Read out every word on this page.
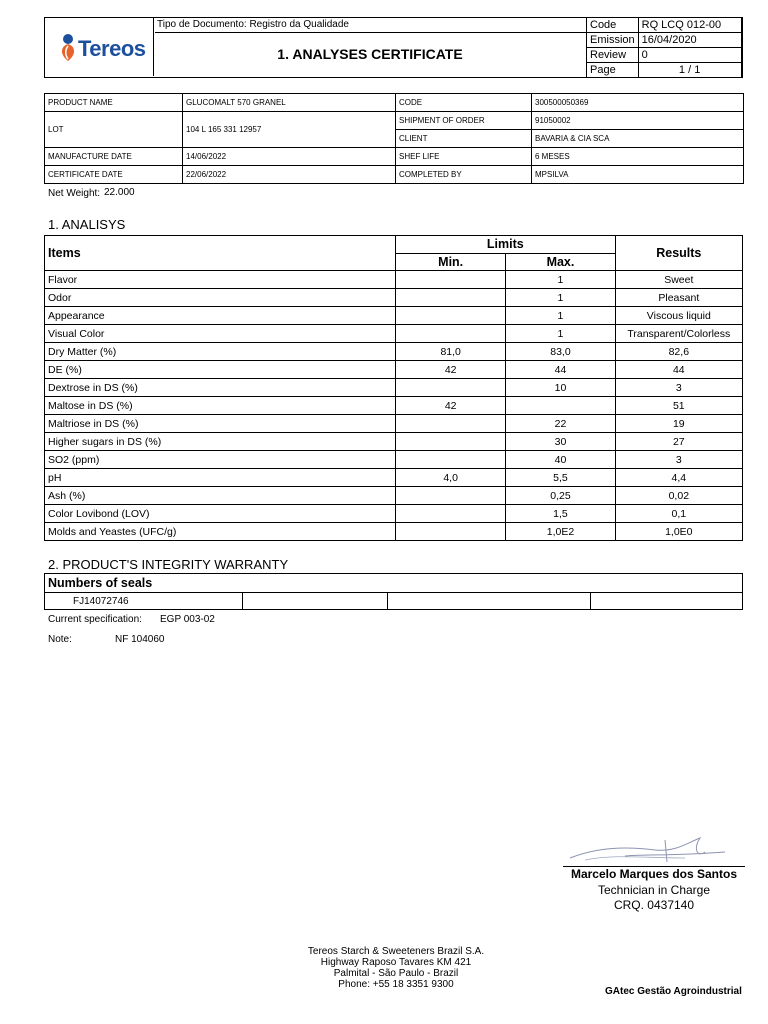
Tereos
Tipo de Documento: Registro da Qualidade
1. ANALYSES CERTIFICATE
Code	RQ LCQ 012-00
Emission	16/04/2020
Review	0
Page	1 / 1
PRODUCT NAME	GLUCOMALT 570 GRANEL	CODE	300500050369
LOT	104 L 165 331 12957	SHIPMENT OF ORDER	91050002
		CLIENT	BAVARIA & CIA SCA
MANUFACTURE DATE	14/06/2022	SHEF LIFE	6 MESES
CERTIFICATE DATE	22/06/2022	COMPLETED BY	MPSILVA
Net Weight: 22.000
1. ANALISYS
Items	Limits		Results
	Min.	Max.	
Flavor		1	Sweet
Odor		1	Pleasant
Appearance		1	Viscous liquid
Visual Color		1	Transparent/Colorless
Dry Matter (%)	81,0	83,0	82,6
DE (%)	42	44	44
Dextrose in DS (%)		10	3
Maltose in DS (%)	42		51
Maltriose in DS (%)		22	19
Higher sugars in DS (%)		30	27
SO2 (ppm)		40	3
pH	4,0	5,5	4,4
Ash (%)		0,25	0,02
Color Lovibond (LOV)		1,5	0,1
Molds and Yeastes (UFC/g)		1,0E2	1,0E0
2. PRODUCT'S INTEGRITY WARRANTY
Numbers of seals
FJ14072746			
Current specification: EGP 003-02
Note:	NF 104060
Marcelo Marques dos Santos
Technician in Charge
CRQ. 0437140
Tereos Starch & Sweeteners Brazil S.A.
Highway Raposo Tavares KM 421
Palmital - São Paulo - Brazil
Phone: +55 18 3351 9300
GAtec Gestão Agroindustrial
